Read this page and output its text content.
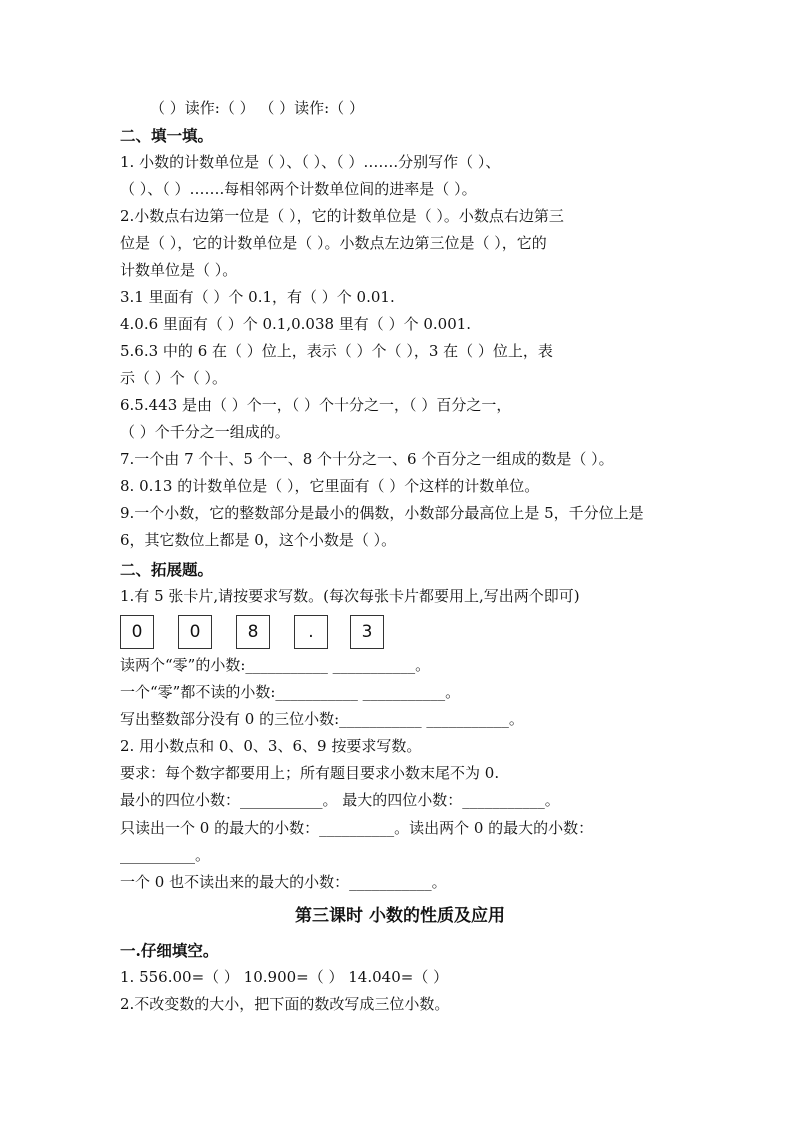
（ ）读作:（ ） （ ）读作:（ ）
二、填一填。
1. 小数的计数单位是（ ）、（ ）、（ ）…….分别写作（ ）、
（ ）、（ ）…….每相邻两个计数单位间的进率是（ ）。
2.小数点右边第一位是（ ），它的计数单位是（ ）。小数点右边第三
位是（ ），它的计数单位是（ ）。小数点左边第三位是（ ），它的
计数单位是（ ）。
3.1 里面有（ ）个 0.1，有（ ）个 0.01.
4.0.6 里面有（ ）个 0.1,0.038 里有（ ）个 0.001.
5.6.3 中的 6 在（ ）位上，表示（ ）个（ ），3 在（ ）位上，表
示（ ）个（ ）。
6.5.443 是由（ ）个一，（ ）个十分之一，（ ）百分之一，
（ ）个千分之一组成的。
7.一个由 7 个十、5 个一、8 个十分之一、6 个百分之一组成的数是（ ）。
8. 0.13 的计数单位是（ ），它里面有（ ）个这样的计数单位。
9.一个小数，它的整数部分是最小的偶数，小数部分最高位上是 5，千分位上是
6，其它数位上都是 0，这个小数是（ ）。
二、拓展题。
1.有 5 张卡片,请按要求写数。(每次每张卡片都要用上,写出两个即可)
0	0	8	.	3
读两个“零”的小数:___________ ___________。
一个“零”都不读的小数:___________ ___________。
写出整数部分没有 0 的三位小数:___________ ___________。
2. 用小数点和 0、0、3、6、9 按要求写数。
要求：每个数字都要用上；所有题目要求小数末尾不为 0.
最小的四位小数：___________。 最大的四位小数：___________。
只读出一个 0 的最大的小数：__________。读出两个 0 的最大的小数：
__________。
一个 0 也不读出来的最大的小数：___________。
第三课时 小数的性质及应用
一.仔细填空。
1. 556.00=（ ） 10.900=（ ） 14.040=（ ）
2.不改变数的大小，把下面的数改写成三位小数。
